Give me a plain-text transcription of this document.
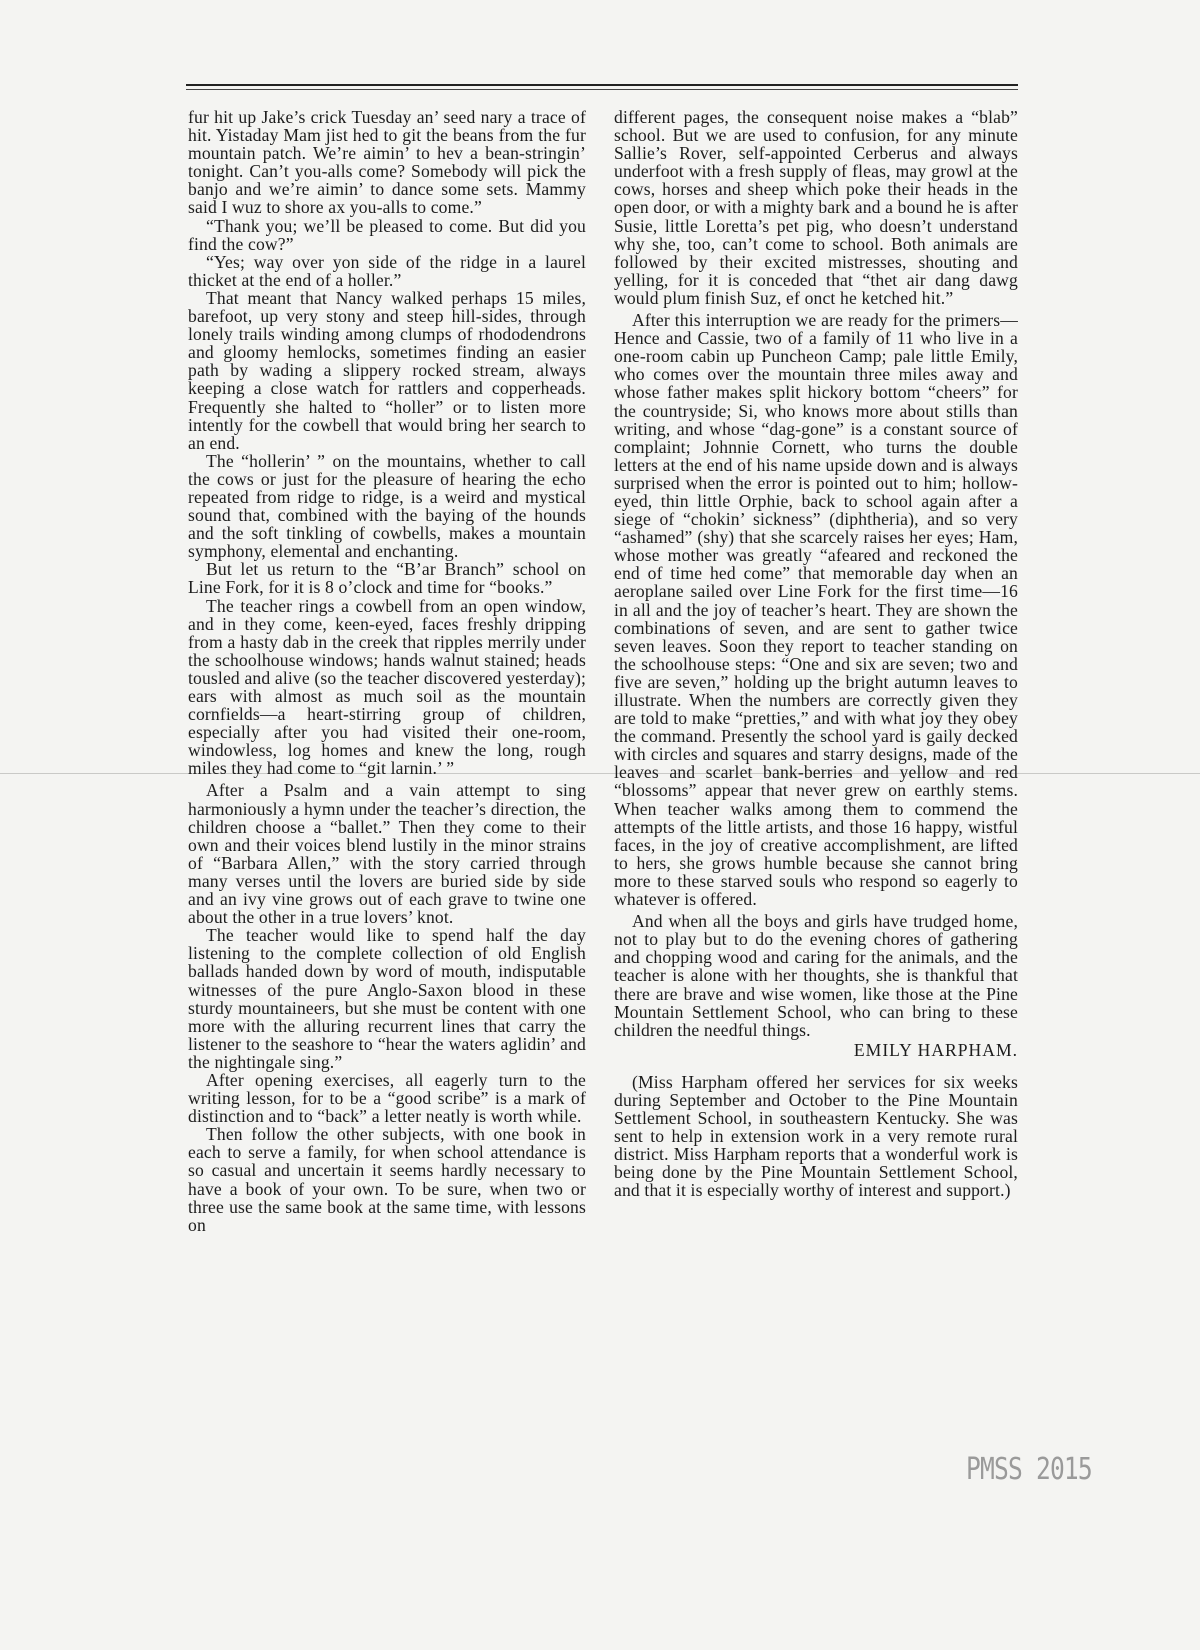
fur hit up Jake’s crick Tuesday an’ seed nary a trace of hit. Yistaday Mam jist hed to git the beans from the fur mountain patch. We’re aimin’ to hev a bean-stringin’ tonight. Can’t you-alls come? Somebody will pick the banjo and we’re aimin’ to dance some sets. Mammy said I wuz to shore ax you-alls to come.”

“Thank you; we’ll be pleased to come. But did you find the cow?”

“Yes; way over yon side of the ridge in a laurel thicket at the end of a holler.”

That meant that Nancy walked perhaps 15 miles, barefoot, up very stony and steep hill-sides, through lonely trails winding among clumps of rhododendrons and gloomy hemlocks, sometimes finding an easier path by wading a slippery rocked stream, always keeping a close watch for rattlers and copperheads. Frequently she halted to “holler” or to listen more intently for the cowbell that would bring her search to an end.

The “hollerin’ ” on the mountains, whether to call the cows or just for the pleasure of hearing the echo repeated from ridge to ridge, is a weird and mystical sound that, combined with the baying of the hounds and the soft tinkling of cowbells, makes a mountain symphony, elemental and enchanting.

But let us return to the “B’ar Branch” school on Line Fork, for it is 8 o’clock and time for “books.”

The teacher rings a cowbell from an open window, and in they come, keen-eyed, faces freshly dripping from a hasty dab in the creek that ripples merrily under the schoolhouse windows; hands walnut stained; heads tousled and alive (so the teacher discovered yesterday); ears with almost as much soil as the mountain cornfields—a heart-stirring group of children, especially after you had visited their one-room, windowless, log homes and knew the long, rough miles they had come to “git larnin.’ ”

After a Psalm and a vain attempt to sing harmoniously a hymn under the teacher’s direction, the children choose a “ballet.” Then they come to their own and their voices blend lustily in the minor strains of “Barbara Allen,” with the story carried through many verses until the lovers are buried side by side and an ivy vine grows out of each grave to twine one about the other in a true lovers’ knot.

The teacher would like to spend half the day listening to the complete collection of old English ballads handed down by word of mouth, indisputable witnesses of the pure Anglo-Saxon blood in these sturdy mountaineers, but she must be content with one more with the alluring recurrent lines that carry the listener to the seashore to “hear the waters aglidin’ and the nightingale sing.”

After opening exercises, all eagerly turn to the writing lesson, for to be a “good scribe” is a mark of distinction and to “back” a letter neatly is worth while.

Then follow the other subjects, with one book in each to serve a family, for when school attendance is so casual and uncertain it seems hardly necessary to have a book of your own. To be sure, when two or three use the same book at the same time, with lessons on

different pages, the consequent noise makes a “blab” school. But we are used to confusion, for any minute Sallie’s Rover, self-appointed Cerberus and always underfoot with a fresh supply of fleas, may growl at the cows, horses and sheep which poke their heads in the open door, or with a mighty bark and a bound he is after Susie, little Loretta’s pet pig, who doesn’t understand why she, too, can’t come to school. Both animals are followed by their excited mistresses, shouting and yelling, for it is conceded that “thet air dang dawg would plum finish Suz, ef onct he ketched hit.”

After this interruption we are ready for the primers—Hence and Cassie, two of a family of 11 who live in a one-room cabin up Puncheon Camp; pale little Emily, who comes over the mountain three miles away and whose father makes split hickory bottom “cheers” for the countryside; Si, who knows more about stills than writing, and whose “dag-gone” is a constant source of complaint; Johnnie Cornett, who turns the double letters at the end of his name upside down and is always surprised when the error is pointed out to him; hollow-eyed, thin little Orphie, back to school again after a siege of “chokin’ sickness” (diphtheria), and so very “ashamed” (shy) that she scarcely raises her eyes; Ham, whose mother was greatly “afeared and reckoned the end of time hed come” that memorable day when an aeroplane sailed over Line Fork for the first time—16 in all and the joy of teacher’s heart. They are shown the combinations of seven, and are sent to gather twice seven leaves. Soon they report to teacher standing on the schoolhouse steps: “One and six are seven; two and five are seven,” holding up the bright autumn leaves to illustrate. When the numbers are correctly given they are told to make “pretties,” and with what joy they obey the command. Presently the school yard is gaily decked with circles and squares and starry designs, made of the leaves and scarlet bank-berries and yellow and red “blossoms” appear that never grew on earthly stems. When teacher walks among them to commend the attempts of the little artists, and those 16 happy, wistful faces, in the joy of creative accomplishment, are lifted to hers, she grows humble because she cannot bring more to these starved souls who respond so eagerly to whatever is offered.

And when all the boys and girls have trudged home, not to play but to do the evening chores of gathering and chopping wood and caring for the animals, and the teacher is alone with her thoughts, she is thankful that there are brave and wise women, like those at the Pine Mountain Settlement School, who can bring to these children the needful things.

EMILY HARPHAM.

(Miss Harpham offered her services for six weeks during September and October to the Pine Mountain Settlement School, in southeastern Kentucky. She was sent to help in extension work in a very remote rural district. Miss Harpham reports that a wonderful work is being done by the Pine Mountain Settlement School, and that it is especially worthy of interest and support.)

PMSS 2015
